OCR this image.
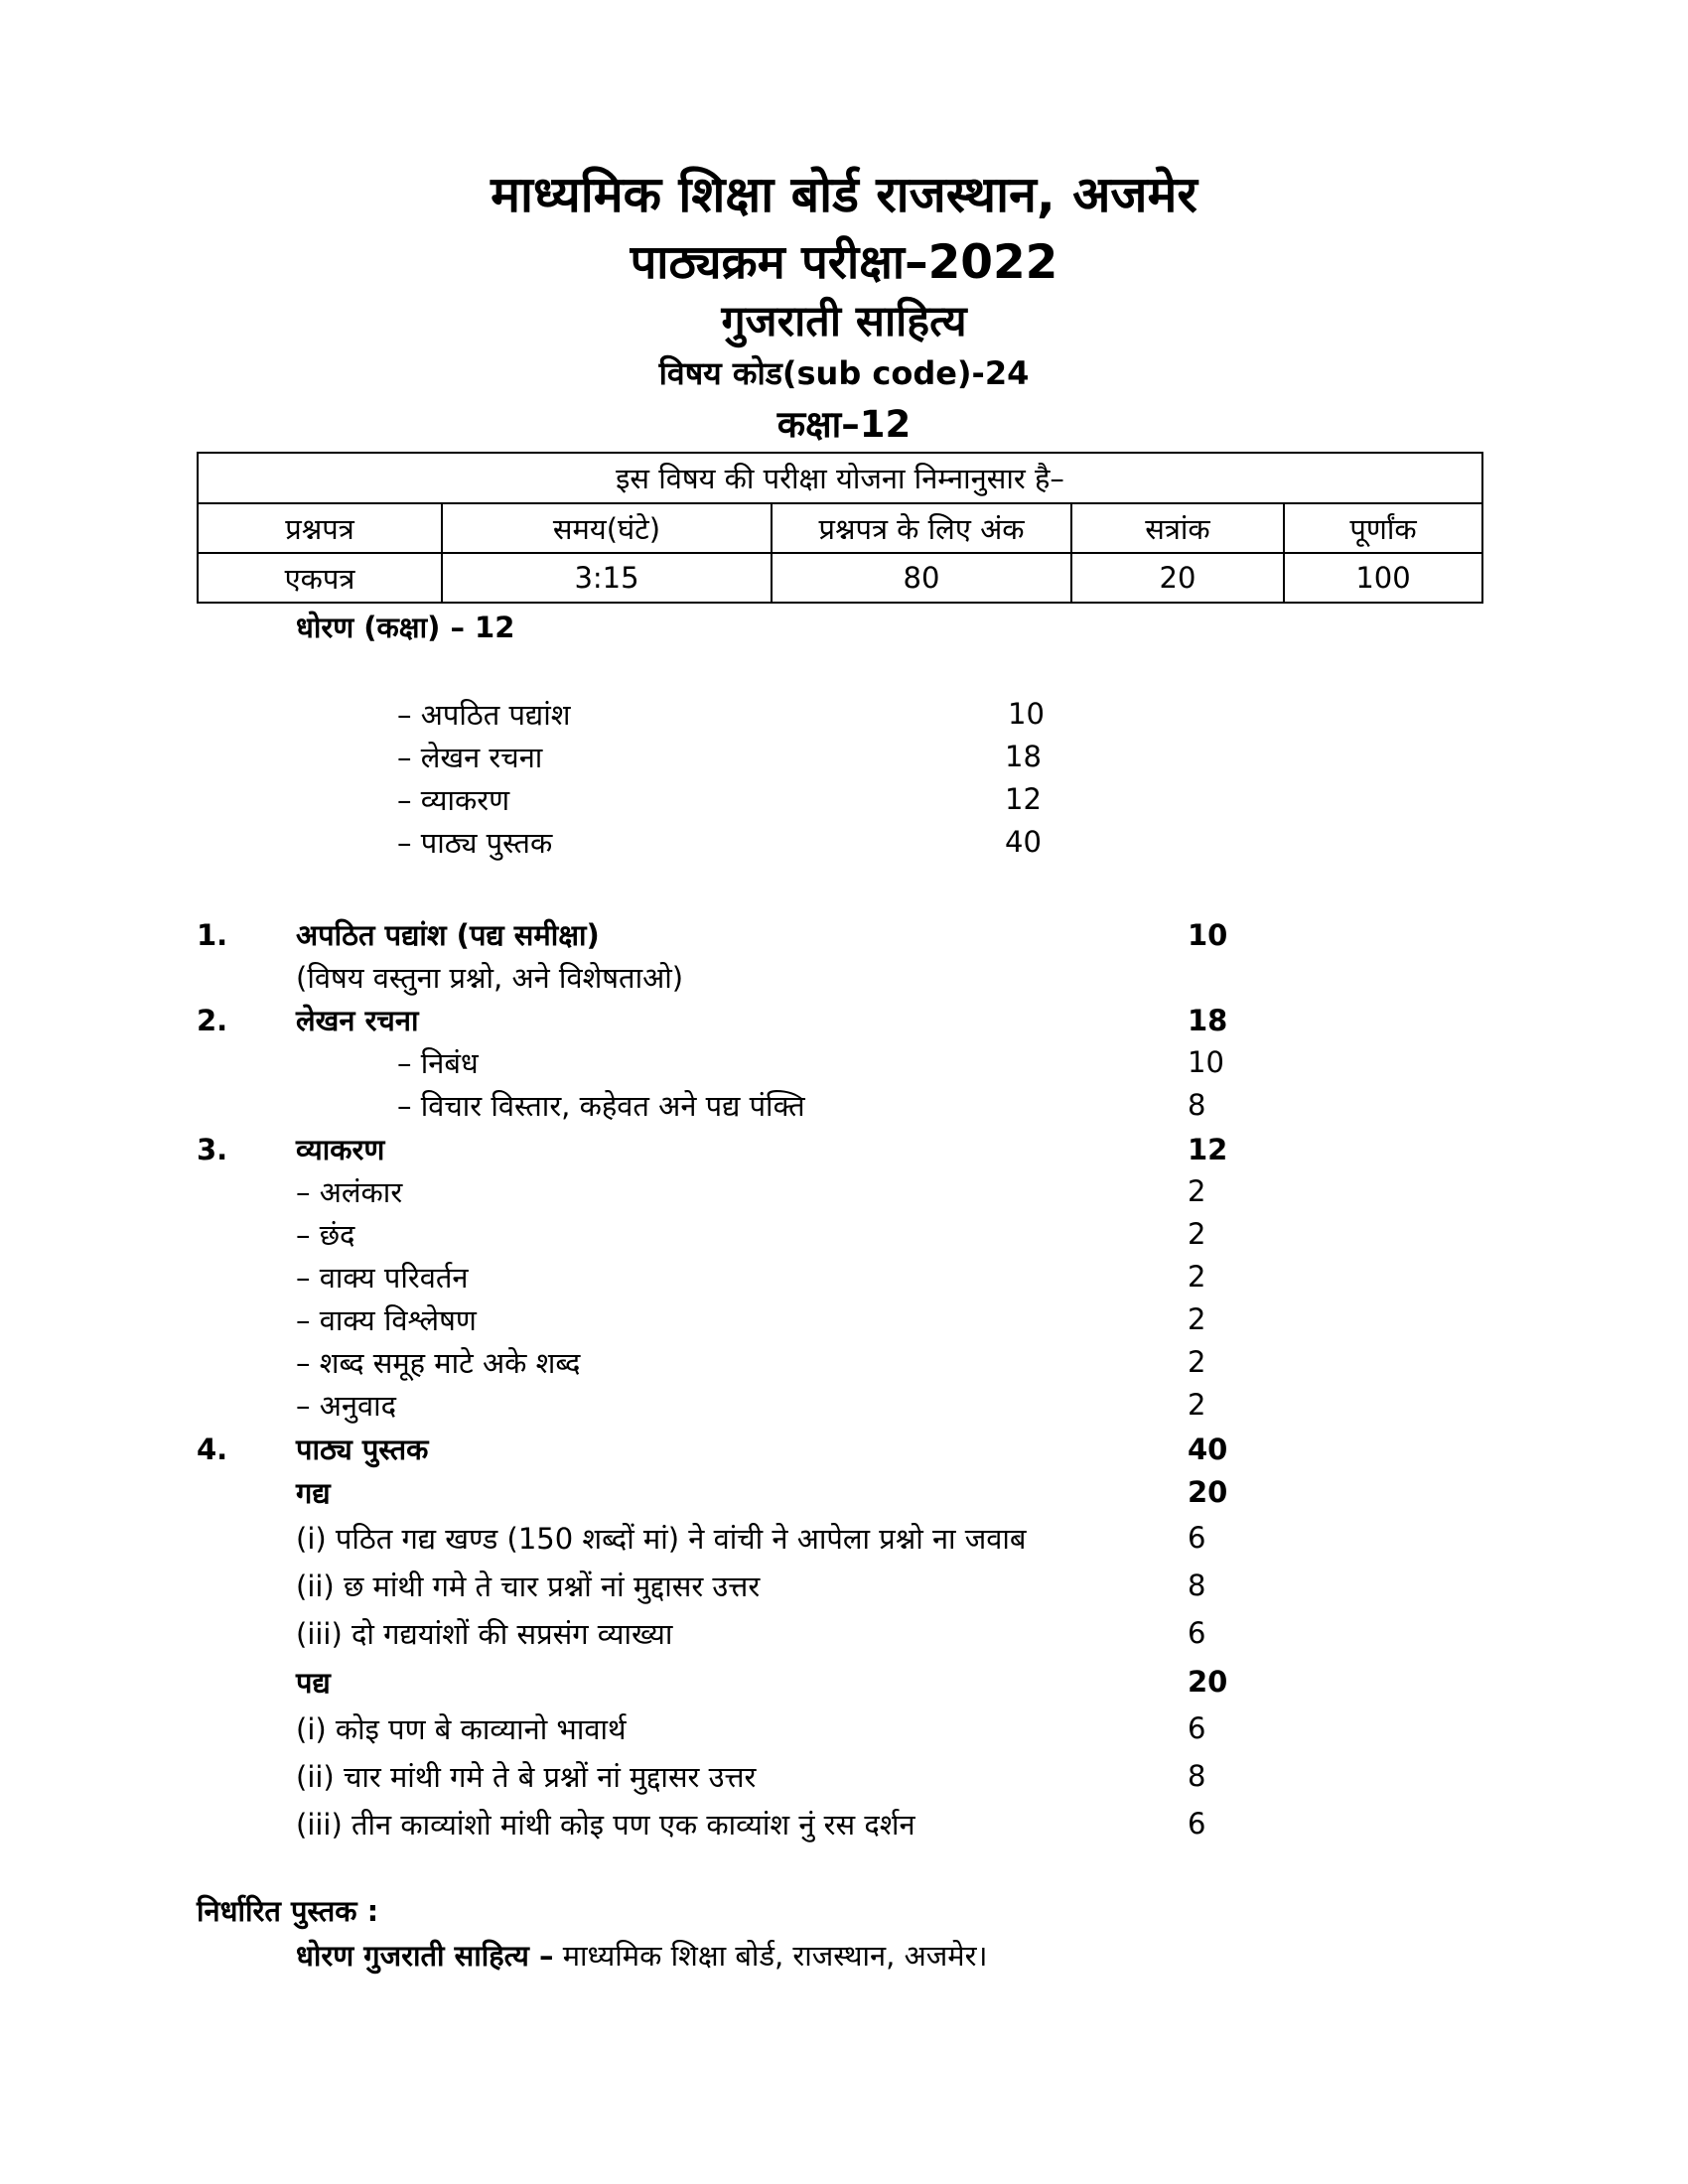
माध्यमिक शिक्षा बोर्ड राजस्थान, अजमेर
पाठ्यक्रम परीक्षा–2022
गुजराती साहित्य
विषय कोड(sub code)-24
कक्षा–12
इस विषय की परीक्षा योजना निम्नानुसार है–				
प्रश्नपत्र	समय(घंटे)	प्रश्नपत्र के लिए अंक	सत्रांक	पूर्णांक
एकपत्र	3:15	80	20	100
धोरण (कक्षा) – 12
– अपठित पद्यांश	10
– लेखन रचना	18
– व्याकरण	12
– पाठ्य पुस्तक	40
1. अपठित पद्यांश (पद्य समीक्षा)	10
(विषय वस्तुना प्रश्नो, अने विशेषताओ)
2. लेखन रचना	18
– निबंध	10
– विचार विस्तार, कहेवत अने पद्य पंक्ति	8
3. व्याकरण	12
– अलंकार	2
– छंद	2
– वाक्य परिवर्तन	2
– वाक्य विश्लेषण	2
– शब्द समूह माटे अके शब्द	2
– अनुवाद	2
4. पाठ्य पुस्तक	40
गद्य	20
(i) पठित गद्य खण्ड (150 शब्दों मां) ने वांची ने आपेला प्रश्नो ना जवाब	6
(ii) छ मांथी गमे ते चार प्रश्नों नां मुद्दासर उत्तर	8
(iii) दो गद्ययांशों की सप्रसंग व्याख्या	6
पद्य	20
(i) कोइ पण बे काव्यानो भावार्थ	6
(ii) चार मांथी गमे ते बे प्रश्नों नां मुद्दासर उत्तर	8
(iii) तीन काव्यांशो मांथी कोइ पण एक काव्यांश नुं रस दर्शन	6
निर्धारित पुस्तक :
धोरण गुजराती साहित्य – माध्यमिक शिक्षा बोर्ड, राजस्थान, अजमेर।
